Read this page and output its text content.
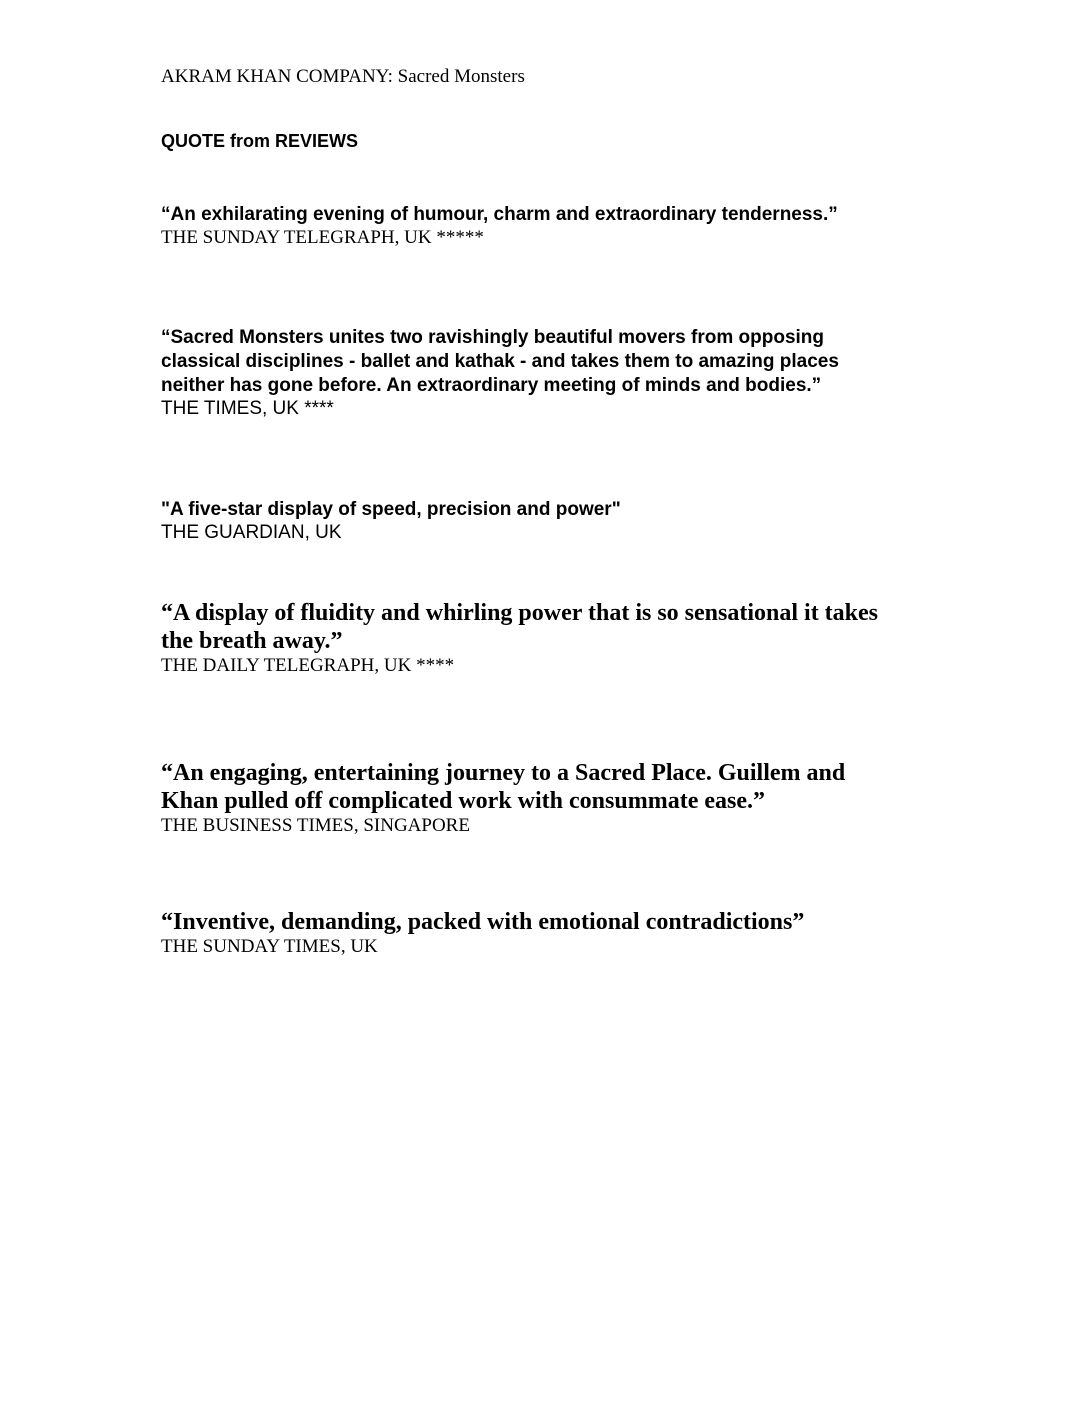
AKRAM KHAN COMPANY: Sacred Monsters

QUOTE from REVIEWS

“An exhilarating evening of humour, charm and extraordinary tenderness.”
THE SUNDAY TELEGRAPH, UK *****
“Sacred Monsters unites two ravishingly beautiful movers from opposing
classical disciplines - ballet and kathak - and takes them to amazing places
neither has gone before. An extraordinary meeting of minds and bodies.”
THE TIMES, UK ****
"A five-star display of speed, precision and power"
THE GUARDIAN, UK
“A display of fluidity and whirling power that is so sensational it takes
the breath away.”
THE DAILY TELEGRAPH, UK ****
“An engaging, entertaining journey to a Sacred Place. Guillem and
Khan pulled off complicated work with consummate ease.”
THE BUSINESS TIMES, SINGAPORE
“Inventive, demanding, packed with emotional contradictions”
THE SUNDAY TIMES, UK
